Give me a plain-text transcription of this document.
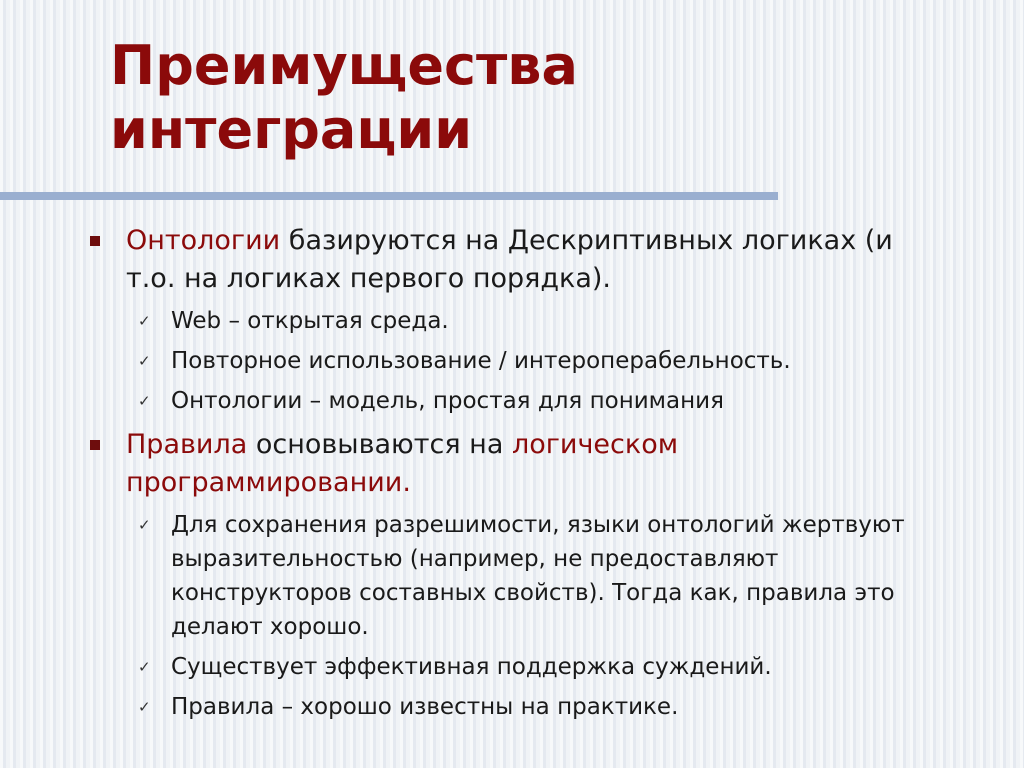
Преимущества
интеграции
Онтологии базируются на Дескриптивных логиках (и т.о. на логиках первого порядка).
✓ Web – открытая среда.
✓ Повторное использование / интероперабельность.
✓ Онтологии – модель, простая для понимания
Правила основываются на логическом программировании.
✓ Для сохранения разрешимости, языки онтологий жертвуют выразительностью (например, не предоставляют конструкторов составных свойств). Тогда как, правила это делают хорошо.
✓ Существует эффективная поддержка суждений.
✓ Правила – хорошо известны на практике.
